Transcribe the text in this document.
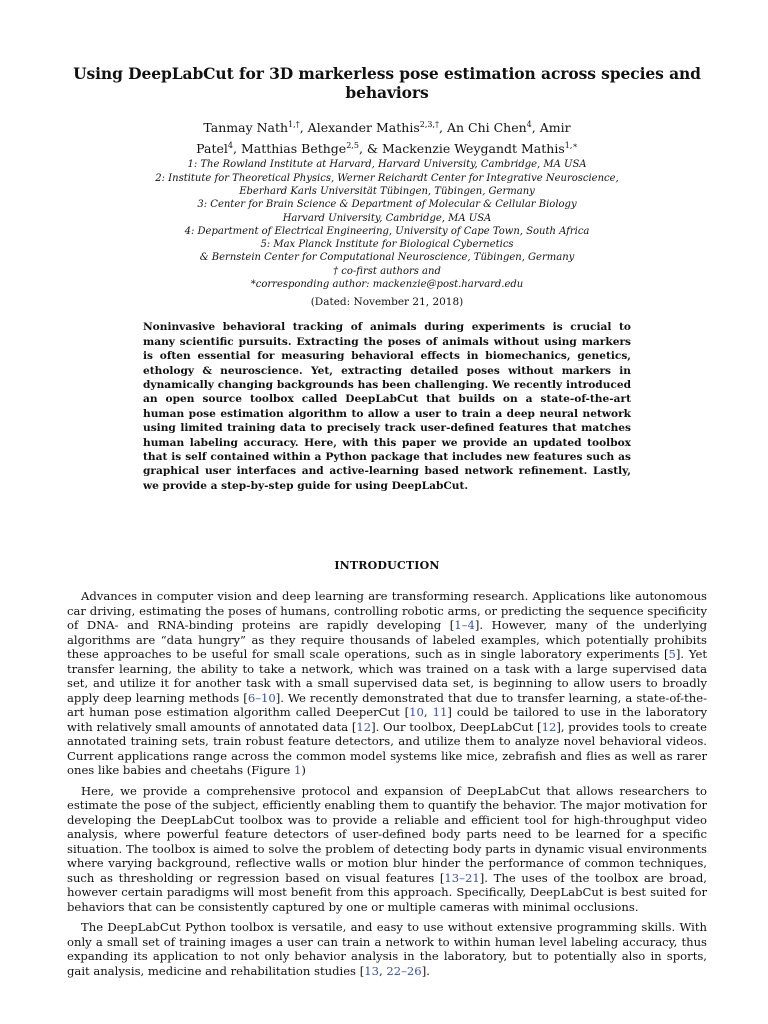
Using DeepLabCut for 3D markerless pose estimation across species and behaviors
Tanmay Nath$^{1,\dagger}$, Alexander Mathis$^{2,3,\dagger}$, An Chi Chen$^4$, Amir
Patel$^4$, Matthias Bethge$^{2,5}$, & Mackenzie Weygandt Mathis$^{1,∗}$
1: The Rowland Institute at Harvard, Harvard University, Cambridge, MA USA
2: Institute for Theoretical Physics, Werner Reichardt Center for Integrative Neuroscience,
Eberhard Karls Universität Tübingen, Tübingen, Germany
3: Center for Brain Science & Department of Molecular & Cellular Biology
Harvard University, Cambridge, MA USA
4: Department of Electrical Engineering, University of Cape Town, South Africa
5: Max Planck Institute for Biological Cybernetics
& Bernstein Center for Computational Neuroscience, Tübingen, Germany
† co-first authors and
*corresponding author: mackenzie@post.harvard.edu
(Dated: November 21, 2018)
Noninvasive behavioral tracking of animals during experiments is crucial to many scientific pursuits. Extracting the poses of animals without using markers is often essential for measuring behavioral effects in biomechanics, genetics, ethology & neuroscience. Yet, extracting detailed poses without markers in dynamically changing backgrounds has been challenging. We recently introduced an open source toolbox called DeepLabCut that builds on a state-of-the-art human pose estimation algorithm to allow a user to train a deep neural network using limited training data to precisely track user-defined features that matches human labeling accuracy. Here, with this paper we provide an updated toolbox that is self contained within a Python package that includes new features such as graphical user interfaces and active-learning based network refinement. Lastly, we provide a step-by-step guide for using DeepLabCut.
INTRODUCTION

Advances in computer vision and deep learning are transforming research. Applications like autonomous car driving, estimating the poses of humans, controlling robotic arms, or predicting the sequence specificity of DNA- and RNA-binding proteins are rapidly developing [1–4]. However, many of the underlying algorithms are “data hungry” as they require thousands of labeled examples, which potentially prohibits these approaches to be useful for small scale operations, such as in single laboratory experiments [5]. Yet transfer learning, the ability to take a network, which was trained on a task with a large supervised data set, and utilize it for another task with a small supervised data set, is beginning to allow users to broadly apply deep learning methods [6–10]. We recently demonstrated that due to transfer learning, a state-of-the-art human pose estimation algorithm called DeeperCut [10, 11] could be tailored to use in the laboratory with relatively small amounts of annotated data [12]. Our toolbox, DeepLabCut [12], provides tools to create annotated training sets, train robust feature detectors, and utilize them to analyze novel behavioral videos. Current applications range across the common model systems like mice, zebrafish and flies as well as rarer ones like babies and cheetahs (Figure 1)

Here, we provide a comprehensive protocol and expansion of DeepLabCut that allows researchers to estimate the pose of the subject, efficiently enabling them to quantify the behavior. The major motivation for developing the DeepLabCut toolbox was to provide a reliable and efficient tool for high-throughput video analysis, where powerful feature detectors of user-defined body parts need to be learned for a specific situation. The toolbox is aimed to solve the problem of detecting body parts in dynamic visual environments where varying background, reflective walls or motion blur hinder the performance of common techniques, such as thresholding or regression based on visual features [13–21]. The uses of the toolbox are broad, however certain paradigms will most benefit from this approach. Specifically, DeepLabCut is best suited for behaviors that can be consistently captured by one or multiple cameras with minimal occlusions.

The DeepLabCut Python toolbox is versatile, and easy to use without extensive programming skills. With only a small set of training images a user can train a network to within human level labeling accuracy, thus expanding its application to not only behavior analysis in the laboratory, but to potentially also in sports, gait analysis, medicine and rehabilitation studies [13, 22–26].
